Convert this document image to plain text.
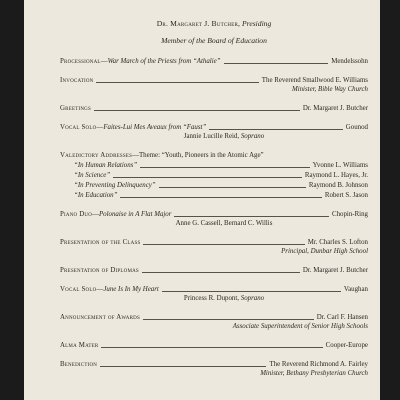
Dr. Margaret J. Butcher, Presiding
Member of the Board of Education
Processional—War March of the Priests from “Athalie”	Mendelssohn
Invocation	The Reverend Smallwood E. Williams
Minister, Bible Way Church
Greetings	Dr. Margaret J. Butcher
Vocal Solo—Faites-Lui Mes Aveaux from “Faust”	Gounod
Jannie Lucille Reid, Soprano
Valedictory Addresses —Theme: “Youth, Pioneers in the Atomic Age”
“In Human Relations”	Yvonne L. Williams
“In Science”	Raymond L. Hayes, Jr.
“In Preventing Delinquency”	Raymond B. Johnson
“In Education”	Robert S. Jason
Piano Duo—Polonaise in A Flat Major	Chopin-Ring
Anne G. Cassell, Bernard C. Willis
Presentation of the Class	Mr. Charles S. Lofton
Principal, Dunbar High School
Presentation of Diplomas	Dr. Margaret J. Butcher
Vocal Solo—June Is In My Heart	Vaughan
Princess R. Dupont, Soprano
Announcement of Awards	Dr. Carl F. Hansen
Associate Superintendent of Senior High Schools
Alma Mater	Cooper-Europe
Benediction	The Reverend Richmond A. Fairley
Minister, Bethany Presbyterian Church
